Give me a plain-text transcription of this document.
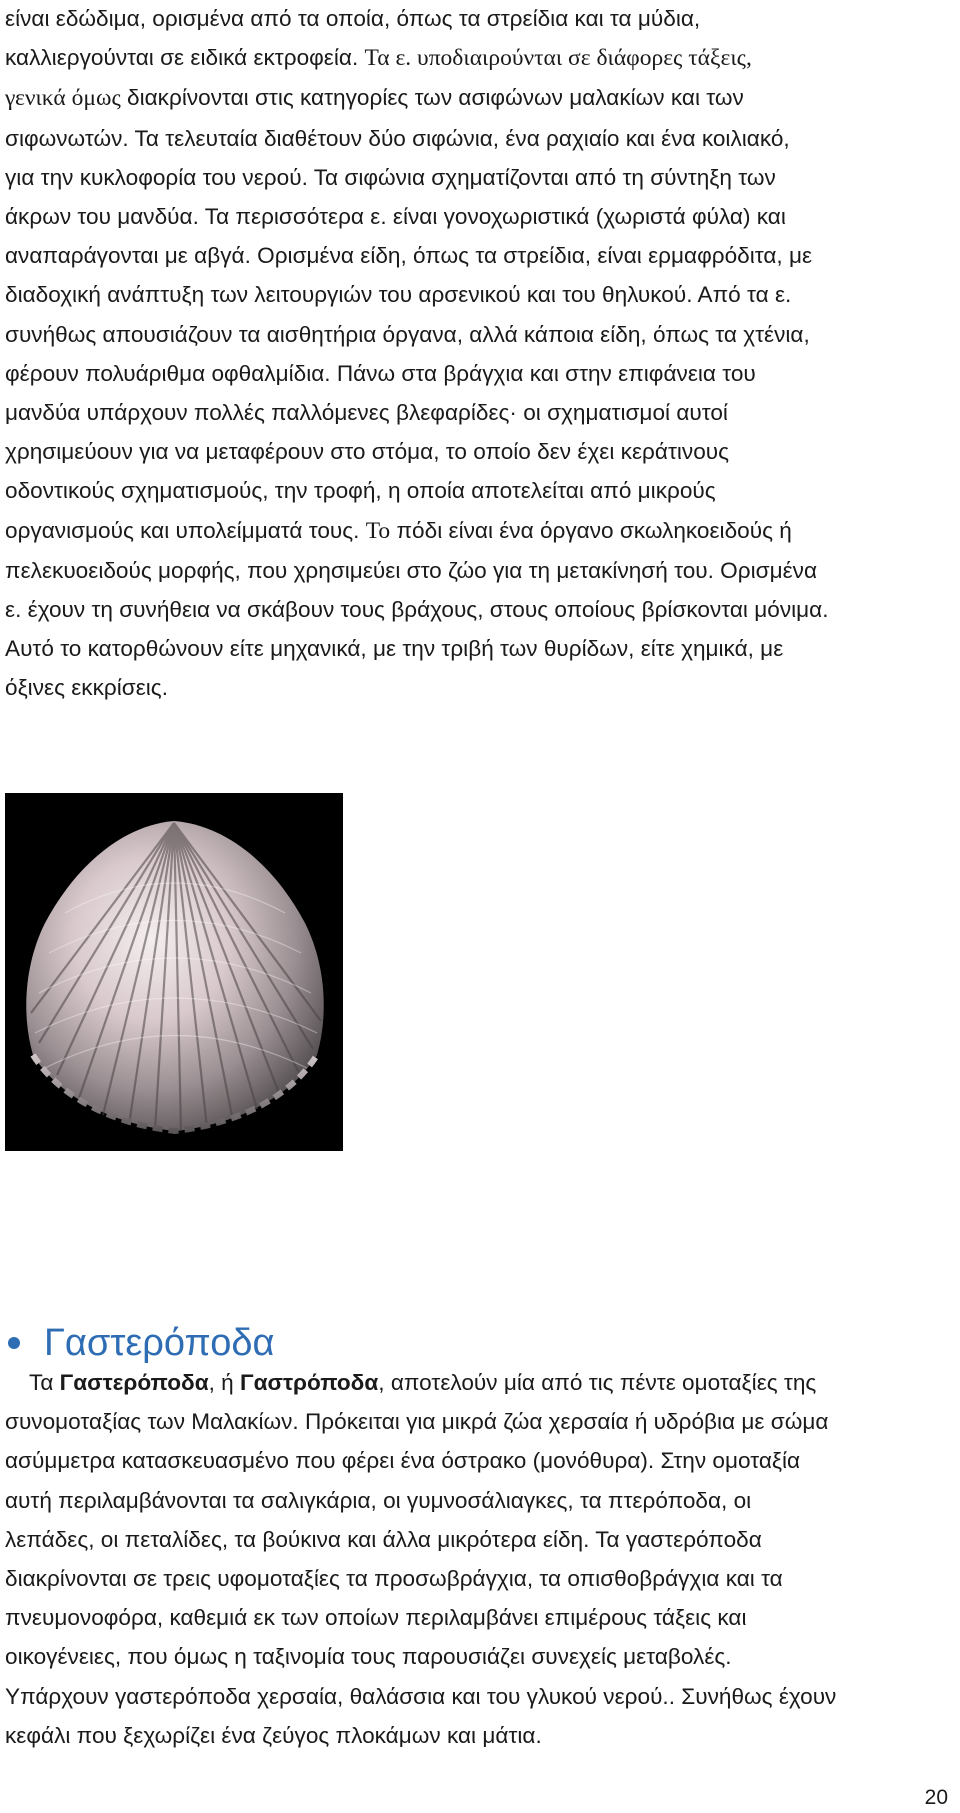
είναι εδώδιμα, ορισμένα από τα οποία, όπως τα στρείδια και τα μύδια,
καλλιεργούνται σε ειδικά εκτροφεία. Τα ε. υποδιαιρούνται σε διάφορες τάξεις,
γενικά όμως διακρίνονται στις κατηγορίες των ασιφώνων μαλακίων και των
σιφωνωτών. Τα τελευταία διαθέτουν δύο σιφώνια, ένα ραχιαίο και ένα κοιλιακό,
για την κυκλοφορία του νερού. Τα σιφώνια σχηματίζονται από τη σύντηξη των
άκρων του μανδύα. Τα περισσότερα ε. είναι γονοχωριστικά (χωριστά φύλα) και
αναπαράγονται με αβγά. Ορισμένα είδη, όπως τα στρείδια, είναι ερμαφρόδιτα, με
διαδοχική ανάπτυξη των λειτουργιών του αρσενικού και του θηλυκού. Από τα ε.
συνήθως απουσιάζουν τα αισθητήρια όργανα, αλλά κάποια είδη, όπως τα χτένια,
φέρουν πολυάριθμα οφθαλμίδια. Πάνω στα βράγχια και στην επιφάνεια του
μανδύα υπάρχουν πολλές παλλόμενες βλεφαρίδες· οι σχηματισμοί αυτοί
χρησιμεύουν για να μεταφέρουν στο στόμα, το οποίο δεν έχει κεράτινους
οδοντικούς σχηματισμούς, την τροφή, η οποία αποτελείται από μικρούς
οργανισμούς και υπολείμματά τους. Το πόδι είναι ένα όργανο σκωληκοειδούς ή
πελεκυοειδούς μορφής, που χρησιμεύει στο ζώο για τη μετακίνησή του. Ορισμένα
ε. έχουν τη συνήθεια να σκάβουν τους βράχους, στους οποίους βρίσκονται μόνιμα.
Αυτό το κατορθώνουν είτε μηχανικά, με την τριβή των θυρίδων, είτε χημικά, με
όξινες εκκρίσεις.
Γαστερόποδα
Τα Γαστερόποδα, ή Γαστρόποδα, αποτελούν μία από τις πέντε ομοταξίες της
συνομοταξίας των Μαλακίων. Πρόκειται για μικρά ζώα χερσαία ή υδρόβια με σώμα
ασύμμετρα κατασκευασμένο που φέρει ένα όστρακο (μονόθυρα). Στην ομοταξία
αυτή περιλαμβάνονται τα σαλιγκάρια, οι γυμνοσάλιαγκες, τα πτερόποδα, οι
λεπάδες, οι πεταλίδες, τα βούκινα και άλλα μικρότερα είδη. Τα γαστερόποδα
διακρίνονται σε τρεις υφομοταξίες τα προσωβράγχια, τα οπισθοβράγχια και τα
πνευμονοφόρα, καθεμιά εκ των οποίων περιλαμβάνει επιμέρους τάξεις και
οικογένειες, που όμως η ταξινομία τους παρουσιάζει συνεχείς μεταβολές.
Υπάρχουν γαστερόποδα χερσαία, θαλάσσια και του γλυκού νερού.. Συνήθως έχουν
κεφάλι που ξεχωρίζει ένα ζεύγος πλοκάμων και μάτια.
20
